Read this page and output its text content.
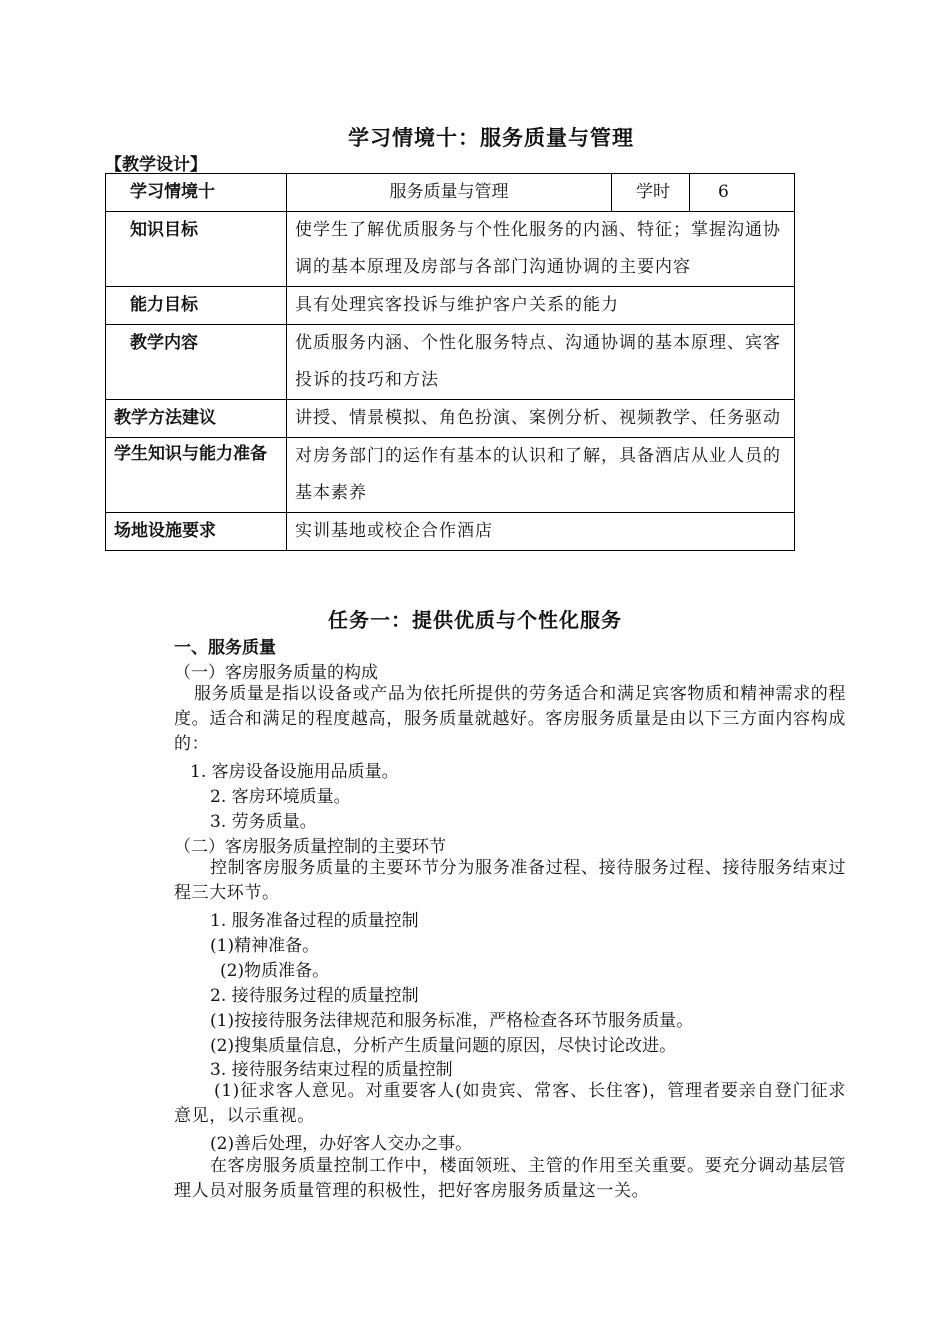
学习情境十：服务质量与管理
【教学设计】
学习情境十	服务质量与管理	学时	6
知识目标	使学生了解优质服务与个性化服务的内涵、特征；掌握沟通协调的基本原理及房部与各部门沟通协调的主要内容		
能力目标	具有处理宾客投诉与维护客户关系的能力		
教学内容	优质服务内涵、个性化服务特点、沟通协调的基本原理、宾客投诉的技巧和方法		
教学方法建议	讲授、情景模拟、角色扮演、案例分析、视频教学、任务驱动		
学生知识与能力准备	对房务部门的运作有基本的认识和了解，具备酒店从业人员的基本素养		
场地设施要求	实训基地或校企合作酒店		
任务一：提供优质与个性化服务
一、服务质量
（一）客房服务质量的构成
服务质量是指以设备或产品为依托所提供的劳务适合和满足宾客物质和精神需求的程度。适合和满足的程度越高，服务质量就越好。客房服务质量是由以下三方面内容构成的：
1. 客房设备设施用品质量。
2. 客房环境质量。
3. 劳务质量。
（二）客房服务质量控制的主要环节
控制客房服务质量的主要环节分为服务准备过程、接待服务过程、接待服务结束过程三大环节。
1. 服务准备过程的质量控制
(1)精神准备。
(2)物质准备。
2. 接待服务过程的质量控制
(1)按接待服务法律规范和服务标准，严格检查各环节服务质量。
(2)搜集质量信息，分析产生质量问题的原因，尽快讨论改进。
3. 接待服务结束过程的质量控制
(1)征求客人意见。对重要客人(如贵宾、常客、长住客)，管理者要亲自登门征求意见，以示重视。
(2)善后处理，办好客人交办之事。
在客房服务质量控制工作中，楼面领班、主管的作用至关重要。要充分调动基层管理人员对服务质量管理的积极性，把好客房服务质量这一关。
